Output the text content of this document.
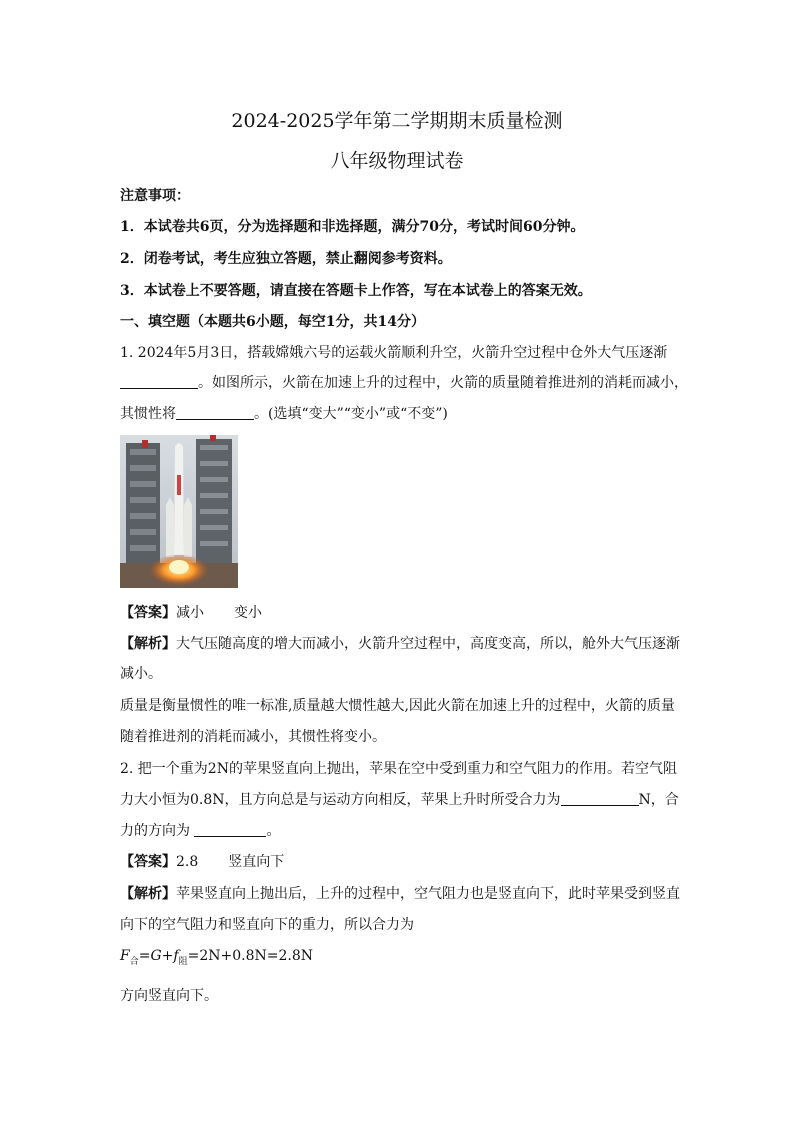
2024-2025学年第二学期期末质量检测
八年级物理试卷
注意事项：
1．本试卷共6页，分为选择题和非选择题，满分70分，考试时间60分钟。
2．闭卷考试，考生应独立答题，禁止翻阅参考资料。
3．本试卷上不要答题，请直接在答题卡上作答，写在本试卷上的答案无效。
一、填空题（本题共6小题，每空1分，共14分）
1. 2024年5月3日，搭载嫦娥六号的运载火箭顺利升空，火箭升空过程中仓外大气压逐渐
。如图所示，火箭在加速上升的过程中，火箭的质量随着推进剂的消耗而减小，
其惯性将	。(选填“变大”“变小”或“不变”)
【答案】减小 变小
【解析】大气压随高度的增大而减小，火箭升空过程中，高度变高，所以，舱外大气压逐渐
减小。
质量是衡量惯性的唯一标准,质量越大惯性越大,因此火箭在加速上升的过程中，火箭的质量
随着推进剂的消耗而减小，其惯性将变小。
2. 把一个重为2N的苹果竖直向上抛出，苹果在空中受到重力和空气阻力的作用。若空气阻
力大小恒为0.8N，且方向总是与运动方向相反，苹果上升时所受合力为	N，合
力的方向为	。
【答案】2.8 竖直向下
【解析】苹果竖直向上抛出后，上升的过程中，空气阻力也是竖直向下，此时苹果受到竖直
向下的空气阻力和竖直向下的重力，所以合力为
$F_合=G+f_阻=2N+0.8N=2.8N$
方向竖直向下。
